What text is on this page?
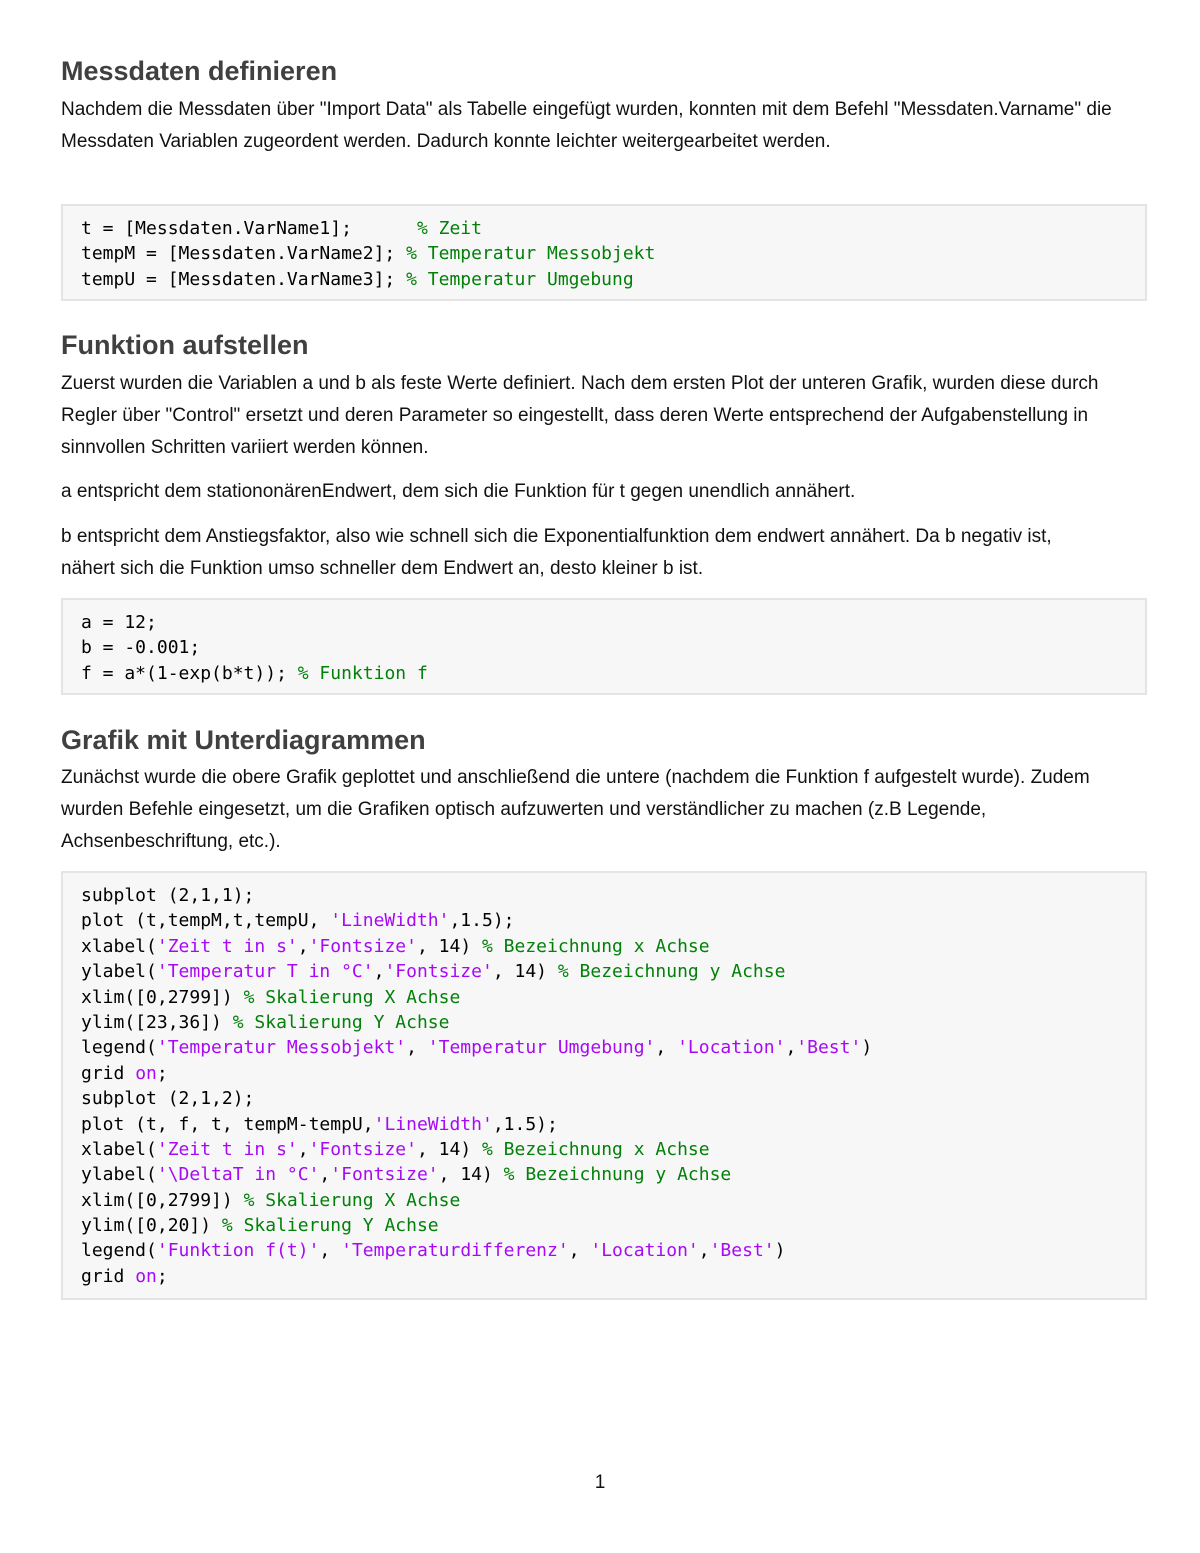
Messdaten definieren

Nachdem die Messdaten über "Import Data" als Tabelle eingefügt wurden, konnten mit dem Befehl "Messdaten.Varname" die Messdaten Variablen zugeordent werden. Dadurch konnte leichter weitergearbeitet werden.

t = [Messdaten.VarName1];      % Zeit
tempM = [Messdaten.VarName2]; % Temperatur Messobjekt
tempU = [Messdaten.VarName3]; % Temperatur Umgebung
Funktion aufstellen

Zuerst wurden die Variablen a und b als feste Werte definiert. Nach dem ersten Plot der unteren Grafik, wurden diese durch Regler über "Control" ersetzt und deren Parameter so eingestellt, dass deren Werte entsprechend der Aufgabenstellung in sinnvollen Schritten variiert werden können.

a entspricht dem stationonärenEndwert, dem sich die Funktion für t gegen unendlich annähert.

b entspricht dem Anstiegsfaktor, also wie schnell sich die Exponentialfunktion dem endwert annähert. Da b negativ ist, nähert sich die Funktion umso schneller dem Endwert an, desto kleiner b ist.

a = 12;
b = -0.001;
f = a*(1-exp(b*t)); % Funktion f
Grafik mit Unterdiagrammen

Zunächst wurde die obere Grafik geplottet und anschließend die untere (nachdem die Funktion f aufgestelt wurde). Zudem wurden Befehle eingesetzt, um die Grafiken optisch aufzuwerten und verständlicher zu machen (z.B Legende, Achsenbeschriftung, etc.).

subplot (2,1,1);
plot (t,tempM,t,tempU, 'LineWidth',1.5);
xlabel('Zeit t in s','Fontsize', 14) % Bezeichnung x Achse
ylabel('Temperatur T in °C','Fontsize', 14) % Bezeichnung y Achse
xlim([0,2799]) % Skalierung X Achse
ylim([23,36]) % Skalierung Y Achse
legend('Temperatur Messobjekt', 'Temperatur Umgebung', 'Location','Best')
grid on;
subplot (2,1,2);
plot (t, f, t, tempM-tempU,'LineWidth',1.5);
xlabel('Zeit t in s','Fontsize', 14) % Bezeichnung x Achse
ylabel('\DeltaT in °C','Fontsize', 14) % Bezeichnung y Achse
xlim([0,2799]) % Skalierung X Achse
ylim([0,20]) % Skalierung Y Achse
legend('Funktion f(t)', 'Temperaturdifferenz', 'Location','Best')
grid on;
1
